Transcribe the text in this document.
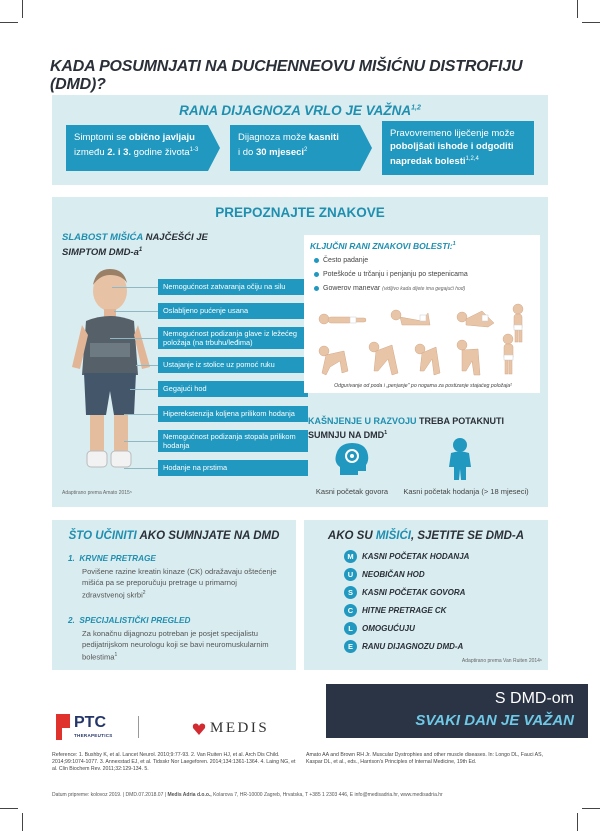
KADA POSUMNJATI NA DUCHENNEOVU MIŠIĆNU DISTROFIJU (DMD)?
RANA DIJAGNOZA VRLO JE VAŽNA$^{1,2}$
Simptomi se obično javljaju
između 2. i 3. godine života$^{1-3}$
Dijagnoza može kasniti
i do 30 mjeseci$^2$
Pravovremeno liječenje može poboljšati ishode i odgoditi napredak bolesti$^{1,2,4}$
PREPOZNAJTE ZNAKOVE
SLABOST MIŠIĆA NAJČEŠĆI JE SIMPTOM DMD-$a^1$
Nemogućnost zatvaranja očiju na silu
Oslabljeno pućenje usana
Nemogućnost podizanja glave iz ležećeg položaja (na trbuhu/leđima)
Ustajanje iz stolice uz pomoć ruku
Gegajući hod
Hiperekstenzija koljena prilikom hodanja
Nemogućnost podizanja stopala prilikom hodanja
Hodanje na prstima
Adaptirano prema Amato 2015⁵
KLJUČNI RANI ZNAKOVI BOLESTI:$^1$
Često padanje
Poteškoće u trčanju i penjanju po stepenicama
Gowerov manevar (vidljivo kada dijete ima gegajući hod)
Odgurivanje od poda i „penjanje" po nogama za postizanje stajaćeg položaja²
KAŠNJENJE U RAZVOJU TREBA POTAKNUTI SUMNJU NA DMD$^1$
Kasni početak govora	Kasni početak hodanja (> 18 mjeseci)
ŠTO UČINITI AKO SUMNJATE NA DMD
1. KRVNE PRETRAGE
Povišene razine kreatin kinaze (CK) odražavaju oštećenje mišića pa se preporučuju pretrage u primarnoj zdravstvenoj skrbi$^2$
2. SPECIJALISTIČKI PREGLED
Za konačnu dijagnozu potreban je posjet specijalistu pedijatrijskom neurologu koji se bavi neuromuskularnim bolestima$^1$
AKO SU MIŠIĆI, SJETITE SE DMD-A
M	KASNI POČETAK HODANJA
U	NEOBIČAN HOD
S	KASNI POČETAK GOVORA
C	HITNE PRETRAGE CK
L	OMOGUĆUJU
E	RANU DIJAGNOZU DMD-A
Adaptirano prema Van Ruiten 2014⁶
PTC
THERAPEUTICS	MEDIS
S DMD-om
SVAKI DAN JE VAŽAN
Reference: 1. Bushby K, et al. Lancet Neurol. 2010;9:77-93. 2. Van Ruiten HJ, et al. Arch Dis Child. 2014;99:1074-1077. 3. Annexstad EJ, et al. Tidsskr Nor Laegeforen. 2014;134:1361-1364. 4. Laing NG, et al. Clin Biochem Rev. 2011;32:129-134. 5.
Amato AA and Brown RH Jr. Muscular Dystrophies and other muscle diseases. In: Longo DL, Fauci AS, Kaspar DL, et al., eds., Harrison's Principles of Internal Medicine, 19th Ed.
Datum pripreme: kolovoz 2019. | DMD.07.2018.07 | Medis Adria d.o.o., Kolarova 7, HR-10000 Zagreb, Hrvatska, T +385 1 2303 446, E info@medisadria.hr, www.medisadria.hr
